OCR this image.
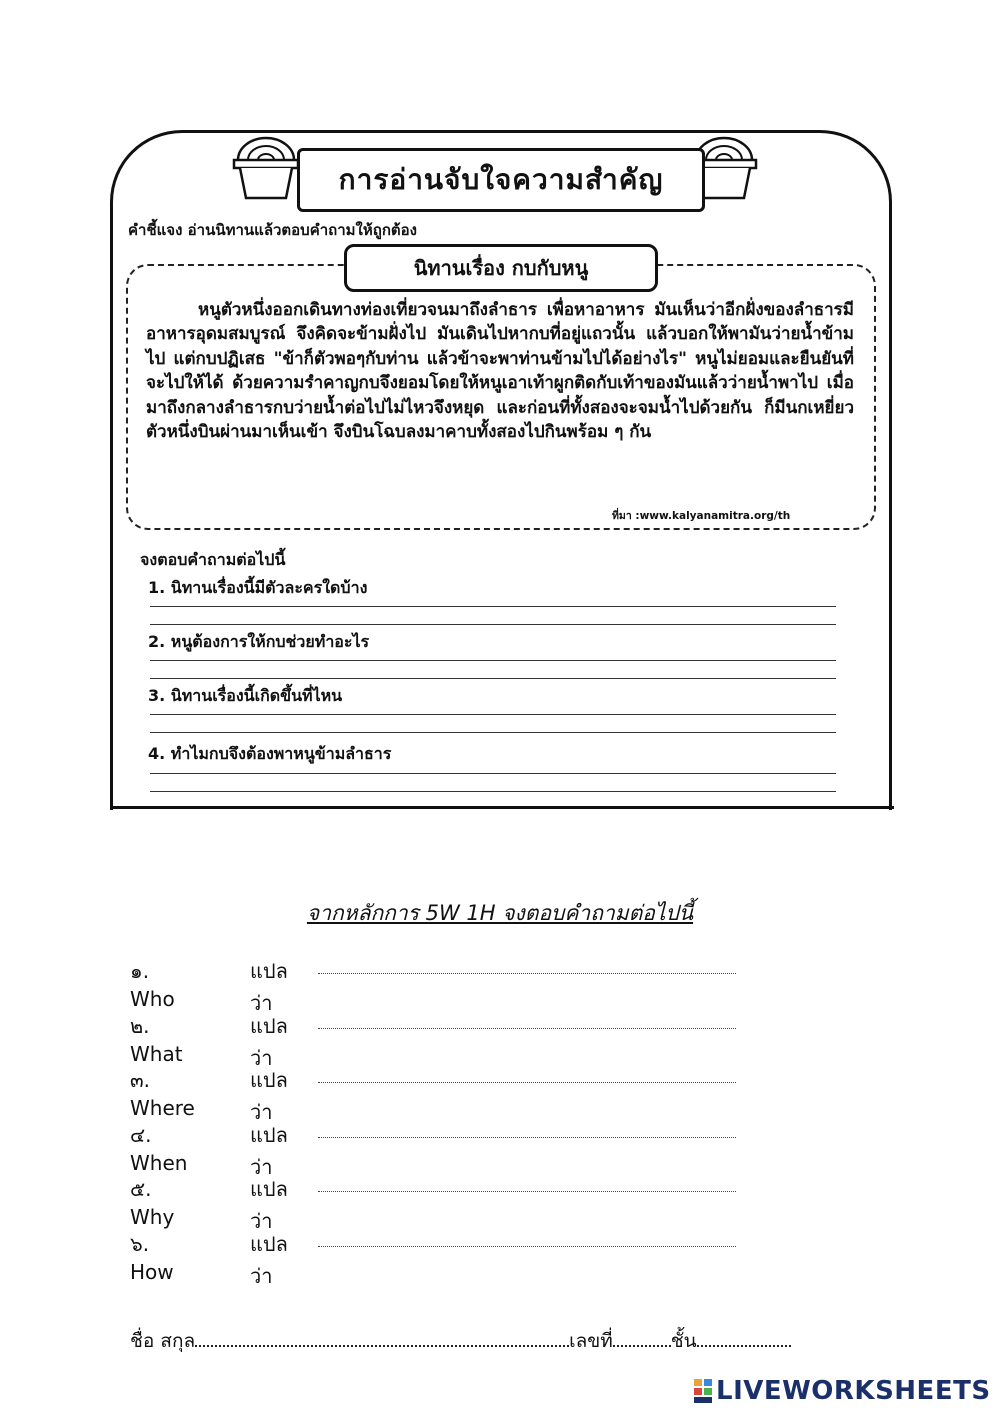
การอ่านจับใจความสำคัญ
คำชี้แจง อ่านนิทานแล้วตอบคำถามให้ถูกต้อง
นิทานเรื่อง กบกับหนู
หนูตัวหนึ่งออกเดินทางท่องเที่ยวจนมาถึงลำธาร เพื่อหาอาหาร มันเห็นว่าอีกฝั่งของลำธารมีอาหารอุดมสมบูรณ์ จึงคิดจะข้ามฝั่งไป มันเดินไปหากบที่อยู่แถวนั้น แล้วบอกให้พามันว่ายน้ำข้ามไป แต่กบปฏิเสธ "ข้าก็ตัวพอๆกับท่าน แล้วข้าจะพาท่านข้ามไปได้อย่างไร" หนูไม่ยอมและยืนยันที่จะไปให้ได้ ด้วยความรำคาญกบจึงยอมโดยให้หนูเอาเท้าผูกติดกับเท้าของมันแล้วว่ายน้ำพาไป เมื่อมาถึงกลางลำธารกบว่ายน้ำต่อไปไม่ไหวจึงหยุด และก่อนที่ทั้งสองจะจมน้ำไปด้วยกัน ก็มีนกเหยี่ยวตัวหนึ่งบินผ่านมาเห็นเข้า จึงบินโฉบลงมาคาบทั้งสองไปกินพร้อม ๆ กัน
ที่มา :www.kalyanamitra.org/th
จงตอบคำถามต่อไปนี้
1. นิทานเรื่องนี้มีตัวละครใดบ้าง
2. หนูต้องการให้กบช่วยทำอะไร
3. นิทานเรื่องนี้เกิดขึ้นที่ไหน
4. ทำไมกบจึงต้องพาหนูข้ามลำธาร
จากหลักการ 5W 1H จงตอบคำถามต่อไปนี้
๑. Who
แปลว่า
๒. What
แปลว่า
๓. Where
แปลว่า
๔. When
แปลว่า
๕. Why
แปลว่า
๖. How
แปลว่า
ชื่อ สกุล	เลขที่	ชั้น
LIVEWORKSHEETS
